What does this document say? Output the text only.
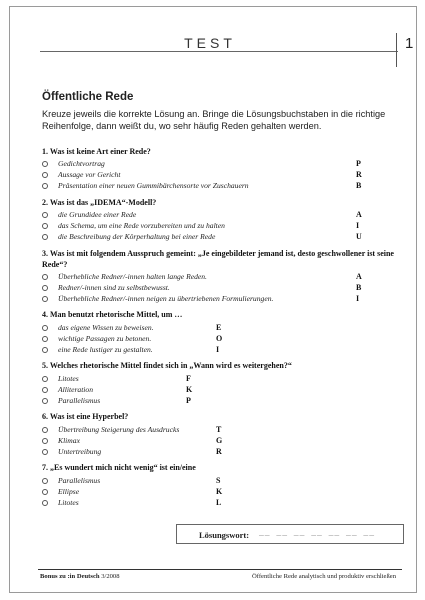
TEST	1
Öffentliche Rede
Kreuze jeweils die korrekte Lösung an. Bringe die Lösungsbuchstaben in die richtige Reihenfolge, dann weißt du, wo sehr häufig Reden gehalten werden.
1. Was ist keine Art einer Rede?
Gedichtvortrag	P
Aussage vor Gericht	R
Präsentation einer neuen Gummibärchensorte vor Zuschauern	B
2. Was ist das „IDEMA“-Modell?
die Grundidee einer Rede	A
das Schema, um eine Rede vorzubereiten und zu halten	I
die Beschreibung der Körperhaltung bei einer Rede	U
3. Was ist mit folgendem Ausspruch gemeint: „Je eingebildeter jemand ist, desto geschwollener ist seine Rede“?
Überhebliche Redner/-innen halten lange Reden.	A
Redner/-innen sind zu selbstbewusst.	B
Überhebliche Redner/-innen neigen zu übertriebenen Formulierungen.	I
4. Man benutzt rhetorische Mittel, um …
das eigene Wissen zu beweisen.	E
wichtige Passagen zu betonen.	O
eine Rede lustiger zu gestalten.	I
5. Welches rhetorische Mittel findet sich in „Wann wird es weitergehen?“
Litotes	F
Alliteration	K
Parallelismus	P
6. Was ist eine Hyperbel?
Übertreibung Steigerung des Ausdrucks	T
Klimax	G
Untertreibung	R
7. „Es wundert mich nicht wenig“ ist ein/eine
Parallelismus	S
Ellipse	K
Litotes	L
Lösungswort: __ __ __ __ __ __ __
Bonus zu :in Deutsch 3/2008	Öffentliche Rede analytisch und produktiv erschließen
